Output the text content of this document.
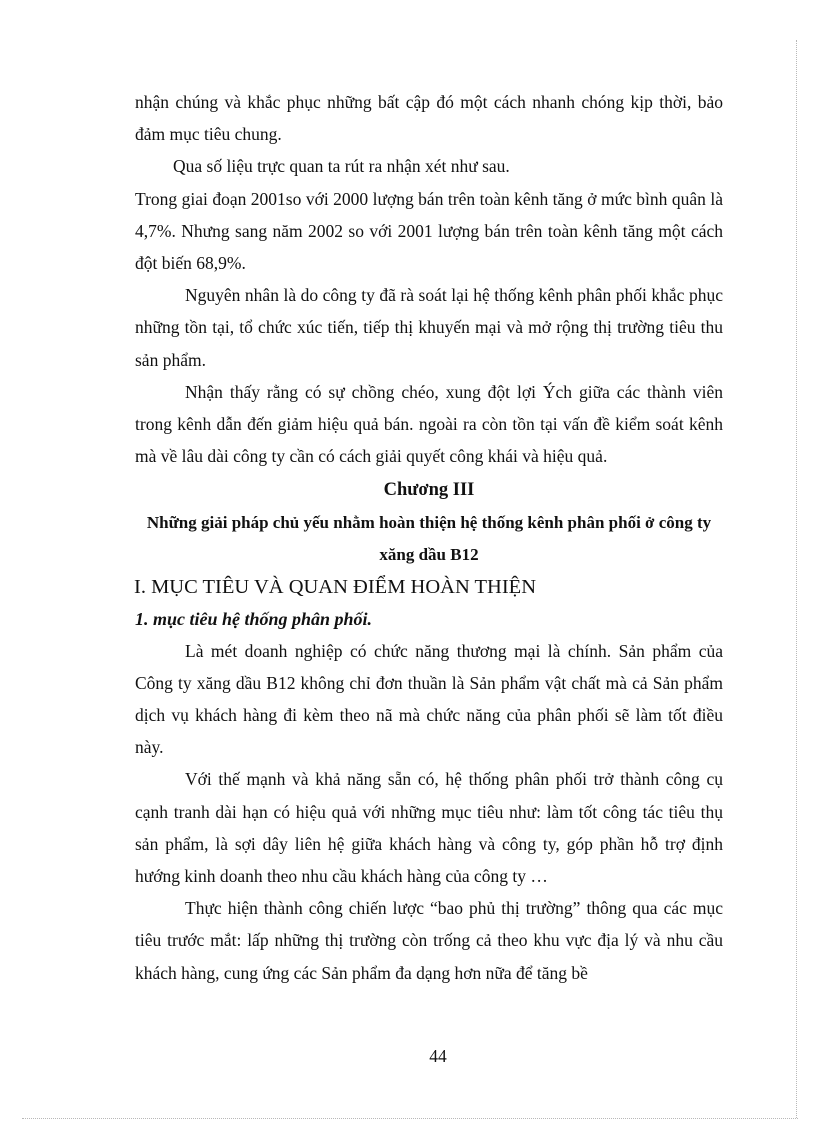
nhận chúng và khắc phục những bất cập đó một cách nhanh chóng kịp thời, bảo đảm mục tiêu chung.

Qua số liệu trực quan ta rút ra nhận xét như sau.

Trong giai đoạn 2001so với 2000 lượng bán trên toàn kênh tăng ở mức bình quân là 4,7%. Nhưng sang năm 2002 so với 2001 lượng bán trên toàn kênh tăng một cách đột biến 68,9%.

Nguyên nhân là do công ty đã rà soát lại hệ thống kênh phân phối khắc phục những tồn tại, tổ chức xúc tiến, tiếp thị khuyến mại và mở rộng thị trường tiêu thu sản phẩm.

Nhận thấy rằng có sự chồng chéo, xung đột lợi Ých giữa các thành viên trong kênh dẫn đến giảm hiệu quả bán. ngoài ra còn tồn tại vấn đề kiểm soát kênh mà về lâu dài công ty cần có cách giải quyết công khái và hiệu quả.

Chương III

Những giải pháp chủ yếu nhằm hoàn thiện hệ thống kênh phân phối ở công ty xăng dầu B12

I. MỤC TIÊU VÀ QUAN ĐIỂM HOÀN THIỆN

1. mục tiêu hệ thống phân phối.

Là mét doanh nghiệp có chức năng thương mại là chính. Sản phẩm của Công ty xăng dầu B12 không chỉ đơn thuần là Sản phẩm vật chất mà cả Sản phẩm dịch vụ khách hàng đi kèm theo nã mà chức năng của phân phối sẽ làm tốt điều này.

Với thế mạnh và khả năng sẵn có, hệ thống phân phối trở thành công cụ cạnh tranh dài hạn có hiệu quả với những mục tiêu như: làm tốt công tác tiêu thụ sản phẩm, là sợi dây liên hệ giữa khách hàng và công ty, góp phần hỗ trợ định hướng kinh doanh theo nhu cầu khách hàng của công ty …

Thực hiện thành công chiến lược “bao phủ thị trường” thông qua các mục tiêu trước mắt: lấp những thị trường còn trống cả theo khu vực địa lý và nhu cầu khách hàng, cung ứng các Sản phẩm đa dạng hơn nữa để tăng bề

44
